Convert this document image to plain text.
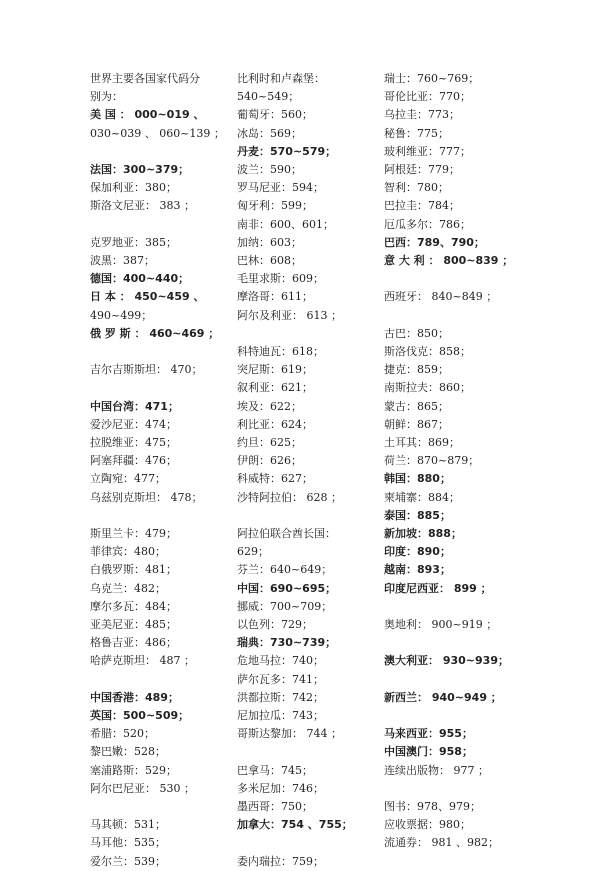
世界主要各国家代码分
别为：
美 国 ： 000~019 、
030~039 、 060~139 ；
法国：300~379；
保加利亚：380；
斯洛文尼亚： 383 ；
克罗地亚：385；
波黑：387；
德国：400~440；
日 本 ： 450~459 、
490~499；
俄 罗 斯 ： 460~469 ；
吉尔吉斯斯坦： 470；
中国台湾：471；
爱沙尼亚：474；
拉脱维亚：475；
阿塞拜疆：476；
立陶宛：477；
乌兹别克斯坦： 478；
斯里兰卡：479；
菲律宾：480；
白俄罗斯：481；
乌克兰：482；
摩尔多瓦：484；
亚美尼亚：485；
格鲁吉亚：486；
哈萨克斯坦： 487 ；
中国香港：489；
英国：500~509；
希腊：520；
黎巴嫩：528；
塞浦路斯：529；
阿尔巴尼亚： 530 ；
马其顿：531；
马耳他：535；
爱尔兰：539；
比利时和卢森堡：
540~549；
葡萄牙：560；
冰岛：569；
丹麦：570~579；
波兰：590；
罗马尼亚：594；
匈牙利：599；
南非：600、601；
加纳：603；
巴林：608；
毛里求斯：609；
摩洛哥：611；
阿尔及利亚： 613 ；
科特迪瓦：618；
突尼斯：619；
叙利亚：621；
埃及：622；
利比亚：624；
约旦：625；
伊朗：626；
科威特：627；
沙特阿拉伯： 628 ；
阿拉伯联合酋长国：
629；
芬兰：640~649；
中国：690~695；
挪威：700~709；
以色列：729；
瑞典：730~739；
危地马拉：740；
萨尔瓦多：741；
洪都拉斯：742；
尼加拉瓜：743；
哥斯达黎加： 744 ；
巴拿马：745；
多米尼加：746；
墨西哥：750；
加拿大：754 、755；
委内瑞拉：759；
瑞士：760~769；
哥伦比亚：770；
乌拉圭：773；
秘鲁：775；
玻利维亚：777；
阿根廷：779；
智利：780；
巴拉圭：784；
厄瓜多尔：786；
巴西：789、790；
意 大 利 ： 800~839 ；
西班牙： 840~849 ；
古巴：850；
斯洛伐克：858；
捷克：859；
南斯拉夫：860；
蒙古：865；
朝鲜：867；
土耳其：869；
荷兰：870~879；
韩国：880；
柬埔寨：884；
泰国：885；
新加坡：888；
印度：890；
越南：893；
印度尼西亚： 899 ；
奥地利： 900~919 ；
澳大利亚： 930~939；
新西兰： 940~949 ；
马来西亚：955；
中国澳门：958；
连续出版物： 977 ；
图书：978、979；
应收票据：980；
流通券： 981 、982；
